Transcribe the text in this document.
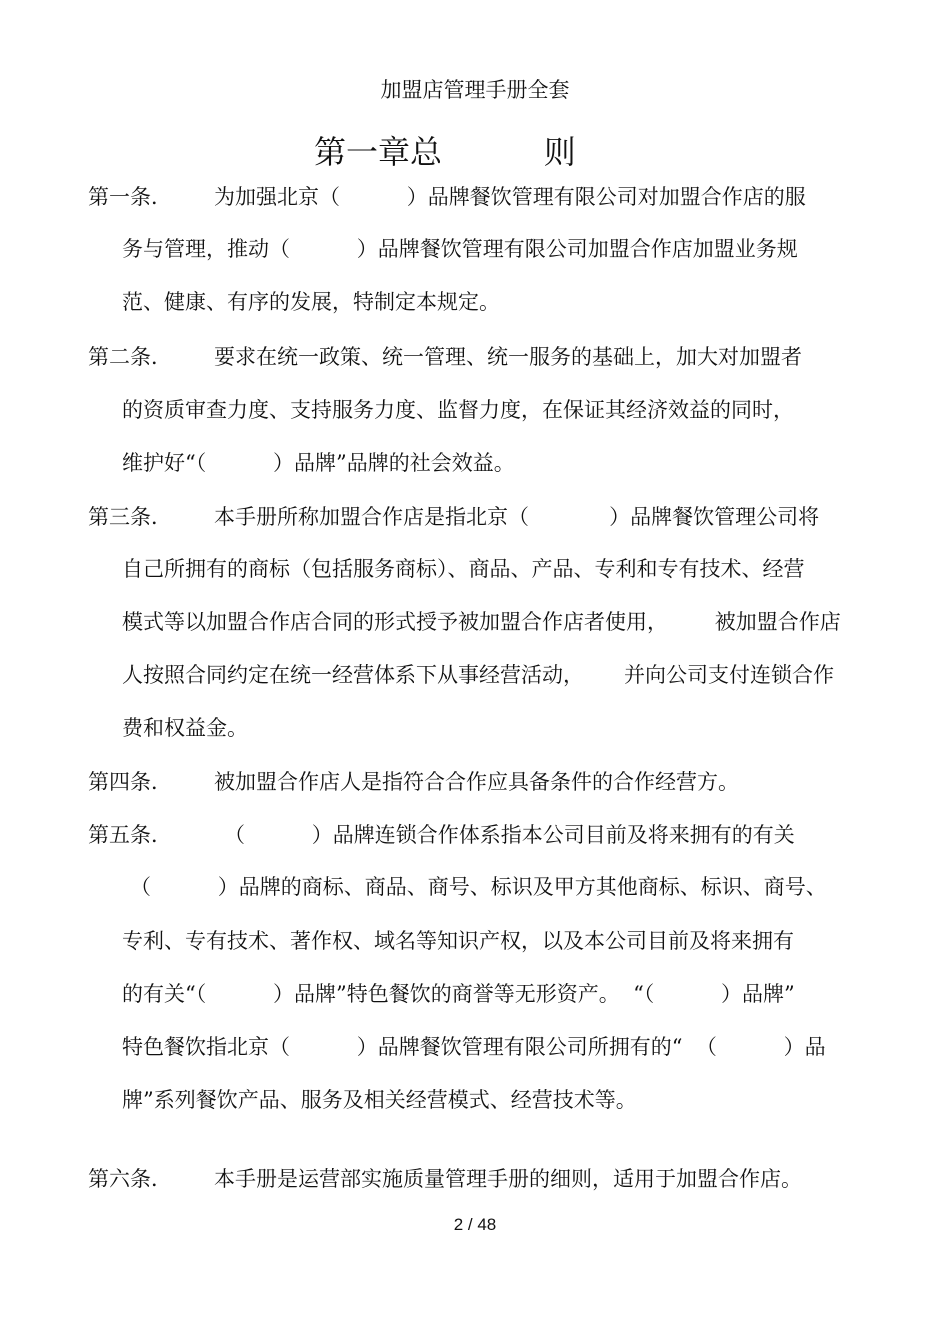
加盟店管理手册全套
第一章总          则
第一条． 为加强北京（          ）品牌餐饮管理有限公司对加盟合作店的服
务与管理，推动（          ）品牌餐饮管理有限公司加盟合作店加盟业务规
范、健康、有序的发展，特制定本规定。
第二条． 要求在统一政策、统一管理、统一服务的基础上，加大对加盟者
的资质审查力度、支持服务力度、监督力度，在保证其经济效益的同时，
维护好“（          ）品牌”品牌的社会效益。
第三条． 本手册所称加盟合作店是指北京（            ）品牌餐饮管理公司将
自己所拥有的商标（包括服务商标）、商品、产品、专利和专有技术、经营
模式等以加盟合作店合同的形式授予被加盟合作店者使用，       被加盟合作店
人按照合同约定在统一经营体系下从事经营活动，      并向公司支付连锁合作
费和权益金。
第四条． 被加盟合作店人是指符合合作应具备条件的合作经营方。
第五条． （          ）品牌连锁合作体系指本公司目前及将来拥有的有关
（          ）品牌的商标、商品、商号、标识及甲方其他商标、标识、商号、
专利、专有技术、著作权、域名等知识产权，以及本公司目前及将来拥有
的有关“（          ）品牌”特色餐饮的商誉等无形资产。  “（          ）品牌”
特色餐饮指北京（          ）品牌餐饮管理有限公司所拥有的“  （          ）品
牌”系列餐饮产品、服务及相关经营模式、经营技术等。
第六条． 本手册是运营部实施质量管理手册的细则，适用于加盟合作店。
2 / 48
